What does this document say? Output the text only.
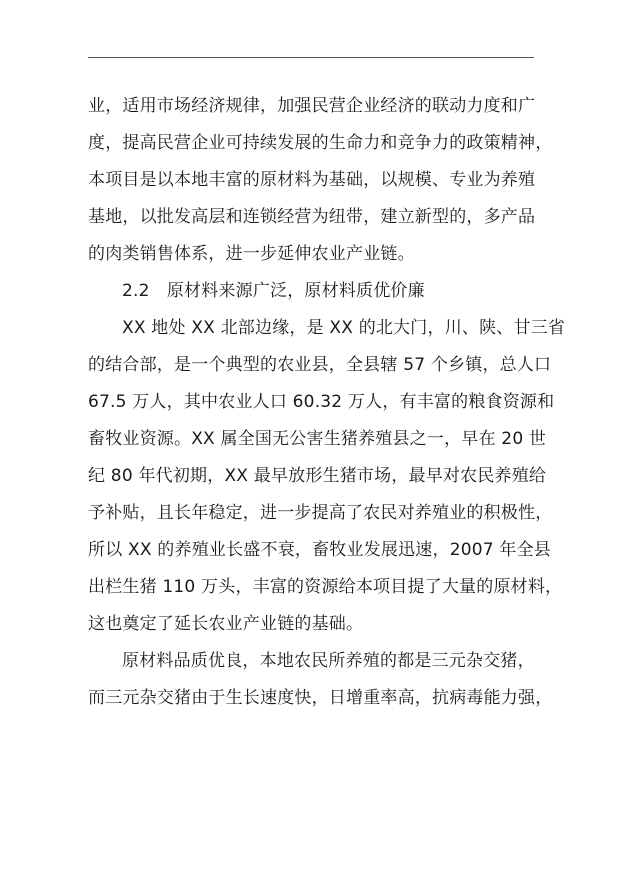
业，适用市场经济规律，加强民营企业经济的联动力度和广
度，提高民营企业可持续发展的生命力和竞争力的政策精神，
本项目是以本地丰富的原材料为基础，以规模、专业为养殖
基地，以批发高层和连锁经营为纽带，建立新型的，多产品
的肉类销售体系，进一步延伸农业产业链。
2.2　原材料来源广泛，原材料质优价廉
XX 地处 XX 北部边缘，是 XX 的北大门，川、陕、甘三省
的结合部，是一个典型的农业县，全县辖 57 个乡镇，总人口
67.5 万人，其中农业人口 60.32 万人，有丰富的粮食资源和
畜牧业资源。XX 属全国无公害生猪养殖县之一，早在 20 世
纪 80 年代初期，XX 最早放形生猪市场，最早对农民养殖给
予补贴，且长年稳定，进一步提高了农民对养殖业的积极性，
所以 XX 的养殖业长盛不衰，畜牧业发展迅速，2007 年全县
出栏生猪 110 万头，丰富的资源给本项目提了大量的原材料，
这也奠定了延长农业产业链的基础。
原材料品质优良，本地农民所养殖的都是三元杂交猪，
而三元杂交猪由于生长速度快，日增重率高，抗病毒能力强，
